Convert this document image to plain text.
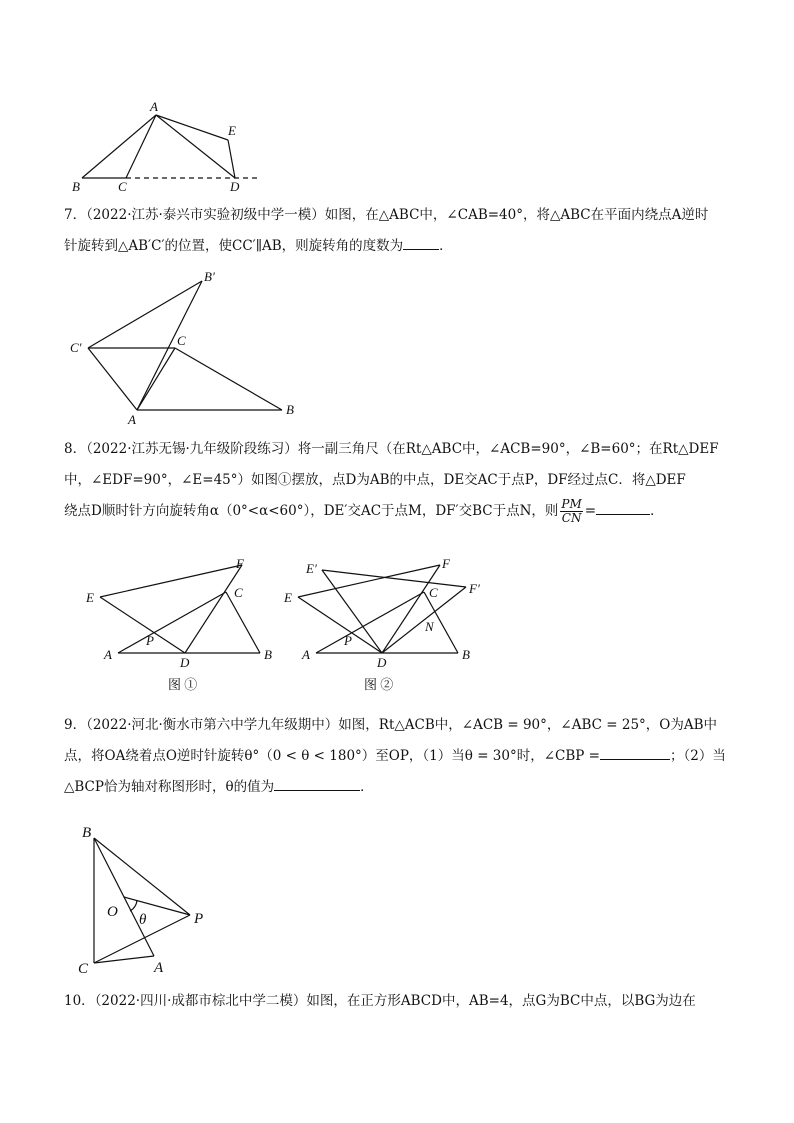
A
B	C	D
E

7．（2022·江苏·泰兴市实验初级中学一模）如图，在△ABC中，∠CAB=40°，将△ABC在平面内绕点A逆时

针旋转到△AB′C′的位置，使CC′∥AB，则旋转角的度数为	．

B′
C′	C
A
B

8．（2022·江苏无锡·九年级阶段练习）将一副三角尺（在Rt△ABC中，∠ACB=90°，∠B=60°；在Rt△DEF

中，∠EDF=90°，∠E=45°）如图①摆放，点D为AB的中点，DE交AC于点P，DF经过点C．将△DEF

绕点D顺时针方向旋转角α（0°<α<60°），DE′交AC于点M，DF′交BC于点N，则 $\frac{PM}{CN}$ =	．

F
E	C
P
A
D
B
图 ①
E′	F
F′
E	C
N
P
A
D
B
图 ②

9．（2022·河北·衡水市第六中学九年级期中）如图，Rt△ACB中，∠ACB = 90°，∠ABC = 25°，O为AB中

点，将OA绕着点O逆时针旋转θ°（0 < θ < 180°）至OP，（1）当θ = 30°时，∠CBP =	；（2）当

△BCP恰为轴对称图形时，θ的值为	．

B
O θ	P
C	A

10．（2022·四川·成都市棕北中学二模）如图，在正方形ABCD中，AB=4，点G为BC中点，以BG为边在
